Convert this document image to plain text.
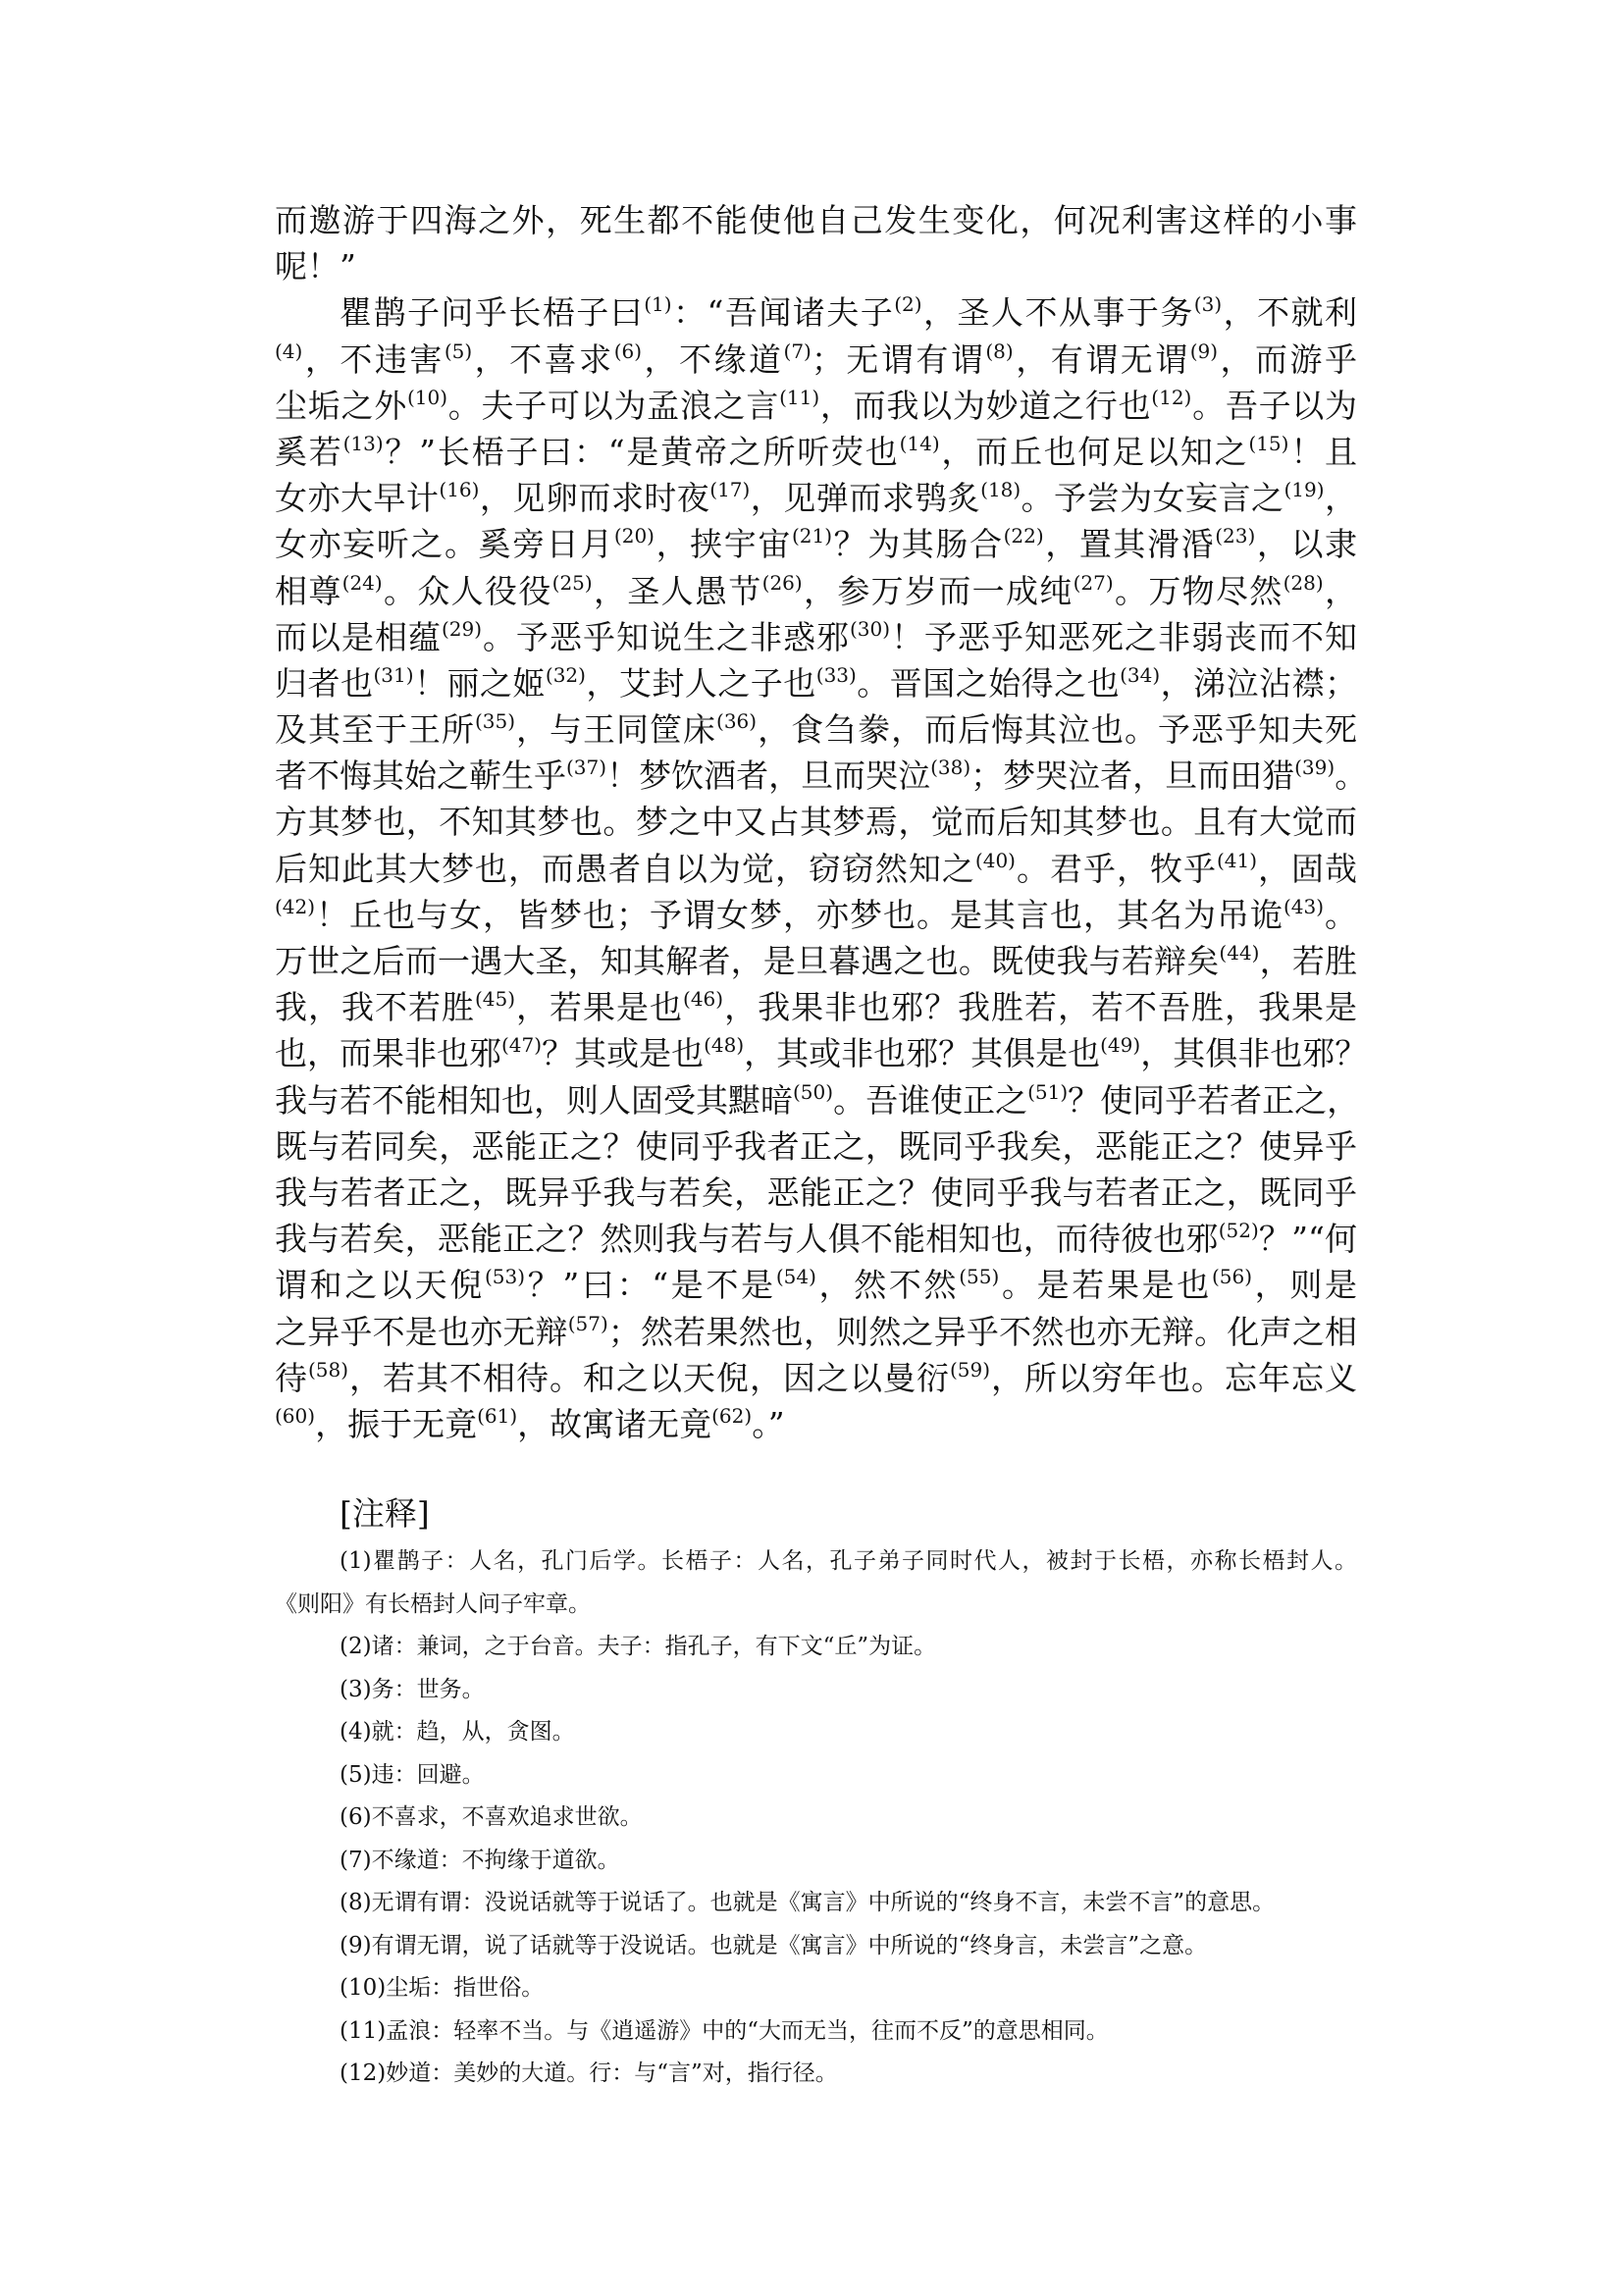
而邀游于四海之外，死生都不能使他自己发生变化，何况利害这样的小事
呢！”
瞿鹊子问乎长梧子曰$^{(1)}$：“吾闻诸夫子$^{(2)}$，圣人不从事于务$^{(3)}$，不就利
$^{(4)}$，不违害$^{(5)}$，不喜求$^{(6)}$，不缘道$^{(7)}$；无谓有谓$^{(8)}$，有谓无谓$^{(9)}$，而游乎
尘垢之外$^{(10)}$。夫子可以为孟浪之言$^{(11)}$，而我以为妙道之行也$^{(12)}$。吾子以为
奚若$^{(13)}$？”长梧子曰：“是黄帝之所听荧也$^{(14)}$，而丘也何足以知之$^{(15)}$！且
女亦大早计$^{(16)}$，见卵而求时夜$^{(17)}$，见弹而求鸮炙$^{(18)}$。予尝为女妄言之$^{(19)}$，
女亦妄听之。奚旁日月$^{(20)}$，挟宇宙$^{(21)}$？为其肠合$^{(22)}$，置其滑涽$^{(23)}$，以隶
相尊$^{(24)}$。众人役役$^{(25)}$，圣人愚节$^{(26)}$，参万岁而一成纯$^{(27)}$。万物尽然$^{(28)}$，
而以是相蕴$^{(29)}$。予恶乎知说生之非惑邪$^{(30)}$！予恶乎知恶死之非弱丧而不知
归者也$^{(31)}$！丽之姬$^{(32)}$，艾封人之子也$^{(33)}$。晋国之始得之也$^{(34)}$，涕泣沾襟；
及其至于王所$^{(35)}$，与王同筐床$^{(36)}$，食刍豢，而后悔其泣也。予恶乎知夫死
者不悔其始之蕲生乎$^{(37)}$！梦饮酒者，旦而哭泣$^{(38)}$；梦哭泣者，旦而田猎$^{(39)}$。
方其梦也，不知其梦也。梦之中又占其梦焉，觉而后知其梦也。且有大觉而
后知此其大梦也，而愚者自以为觉，窃窃然知之$^{(40)}$。君乎，牧乎$^{(41)}$，固哉
$^{(42)}$！丘也与女，皆梦也；予谓女梦，亦梦也。是其言也，其名为吊诡$^{(43)}$。
万世之后而一遇大圣，知其解者，是旦暮遇之也。既使我与若辩矣$^{(44)}$，若胜
我，我不若胜$^{(45)}$，若果是也$^{(46)}$，我果非也邪？我胜若，若不吾胜，我果是
也，而果非也邪$^{(47)}$？其或是也$^{(48)}$，其或非也邪？其俱是也$^{(49)}$，其俱非也邪？
我与若不能相知也，则人固受其黮暗$^{(50)}$。吾谁使正之$^{(51)}$？使同乎若者正之，
既与若同矣，恶能正之？使同乎我者正之，既同乎我矣，恶能正之？使异乎
我与若者正之，既异乎我与若矣，恶能正之？使同乎我与若者正之，既同乎
我与若矣，恶能正之？然则我与若与人俱不能相知也，而待彼也邪$^{(52)}$？”“何
谓和之以天倪$^{(53)}$？”曰：“是不是$^{(54)}$，然不然$^{(55)}$。是若果是也$^{(56)}$，则是
之异乎不是也亦无辩$^{(57)}$；然若果然也，则然之异乎不然也亦无辩。化声之相
待$^{(58)}$，若其不相待。和之以天倪，因之以曼衍$^{(59)}$，所以穷年也。忘年忘义
$^{(60)}$，振于无竟$^{(61)}$，故寓诸无竟$^{(62)}$。”
[注释]
(1)瞿鹊子：人名，孔门后学。长梧子：人名，孔子弟子同时代人，被封于长梧，亦称长梧封人。
《则阳》有长梧封人问子牢章。
(2)诸：兼词，之于台音。夫子：指孔子，有下文“丘”为证。
(3)务：世务。
(4)就：趋，从，贪图。
(5)违：回避。
(6)不喜求，不喜欢追求世欲。
(7)不缘道：不拘缘于道欲。
(8)无谓有谓：没说话就等于说话了。也就是《寓言》中所说的“终身不言，未尝不言”的意思。
(9)有谓无谓，说了话就等于没说话。也就是《寓言》中所说的“终身言，未尝言”之意。
(10)尘垢：指世俗。
(11)孟浪：轻率不当。与《逍遥游》中的“大而无当，往而不反”的意思相同。
(12)妙道：美妙的大道。行：与“言”对，指行径。
